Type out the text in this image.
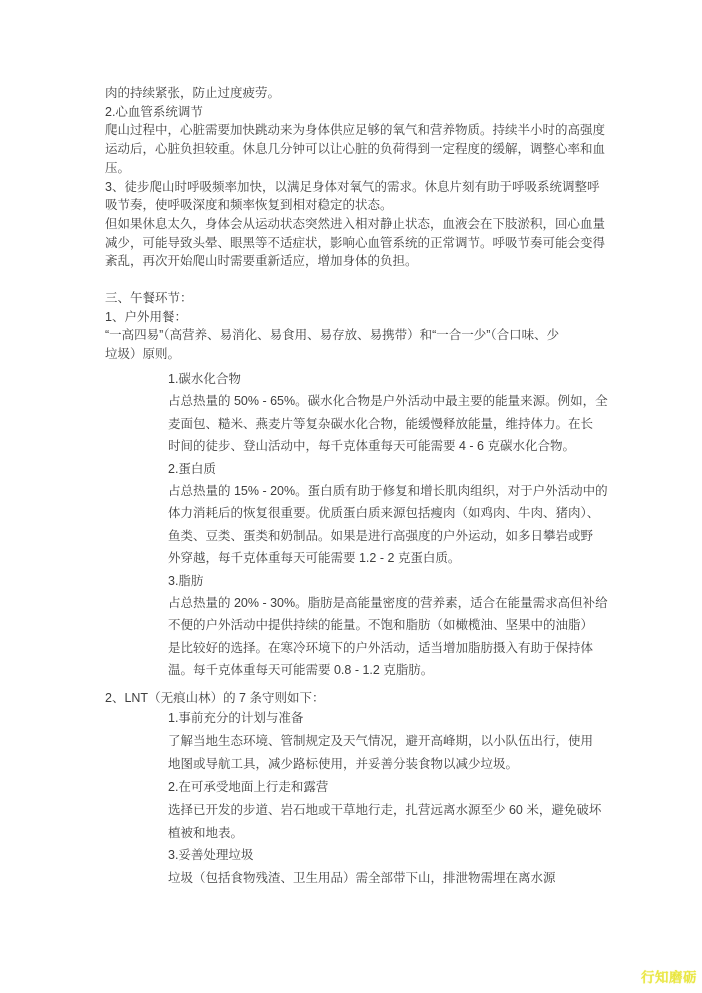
肉的持续紧张，防止过度疲劳。
2.心血管系统调节
爬山过程中，心脏需要加快跳动来为身体供应足够的氧气和营养物质。持续半小时的高强度
运动后，心脏负担较重。休息几分钟可以让心脏的负荷得到一定程度的缓解，调整心率和血
压。
3、徒步爬山时呼吸频率加快，以满足身体对氧气的需求。休息片刻有助于呼吸系统调整呼
吸节奏，使呼吸深度和频率恢复到相对稳定的状态。
但如果休息太久，身体会从运动状态突然进入相对静止状态，血液会在下肢淤积，回心血量
减少，可能导致头晕、眼黑等不适症状，影响心血管系统的正常调节。呼吸节奏可能会变得
紊乱，再次开始爬山时需要重新适应，增加身体的负担。
三、午餐环节：
1、户外用餐：
“一高四易”（高营养、易消化、易食用、易存放、易携带）和“一合一少”（合口味、少
垃圾）原则。
1.碳水化合物
占总热量的 50% - 65%。碳水化合物是户外活动中最主要的能量来源。例如，全
麦面包、糙米、燕麦片等复杂碳水化合物，能缓慢释放能量，维持体力。在长
时间的徒步、登山活动中，每千克体重每天可能需要 4 - 6 克碳水化合物。
2.蛋白质
占总热量的 15% - 20%。蛋白质有助于修复和增长肌肉组织，对于户外活动中的
体力消耗后的恢复很重要。优质蛋白质来源包括瘦肉（如鸡肉、牛肉、猪肉）、
鱼类、豆类、蛋类和奶制品。如果是进行高强度的户外运动，如多日攀岩或野
外穿越，每千克体重每天可能需要 1.2 - 2 克蛋白质。
3.脂肪
占总热量的 20% - 30%。脂肪是高能量密度的营养素，适合在能量需求高但补给
不便的户外活动中提供持续的能量。不饱和脂肪（如橄榄油、坚果中的油脂）
是比较好的选择。在寒冷环境下的户外活动，适当增加脂肪摄入有助于保持体
温。每千克体重每天可能需要 0.8 - 1.2 克脂肪。
2、LNT（无痕山林）的 7 条守则如下：
1.事前充分的计划与准备
了解当地生态环境、管制规定及天气情况，避开高峰期，以小队伍出行，使用
地图或导航工具，减少路标使用，并妥善分装食物以减少垃圾。
2.在可承受地面上行走和露营
选择已开发的步道、岩石地或干草地行走，扎营远离水源至少 60 米，避免破坏
植被和地表。
3.妥善处理垃圾
垃圾（包括食物残渣、卫生用品）需全部带下山，排泄物需埋在离水源
行知磨砺
